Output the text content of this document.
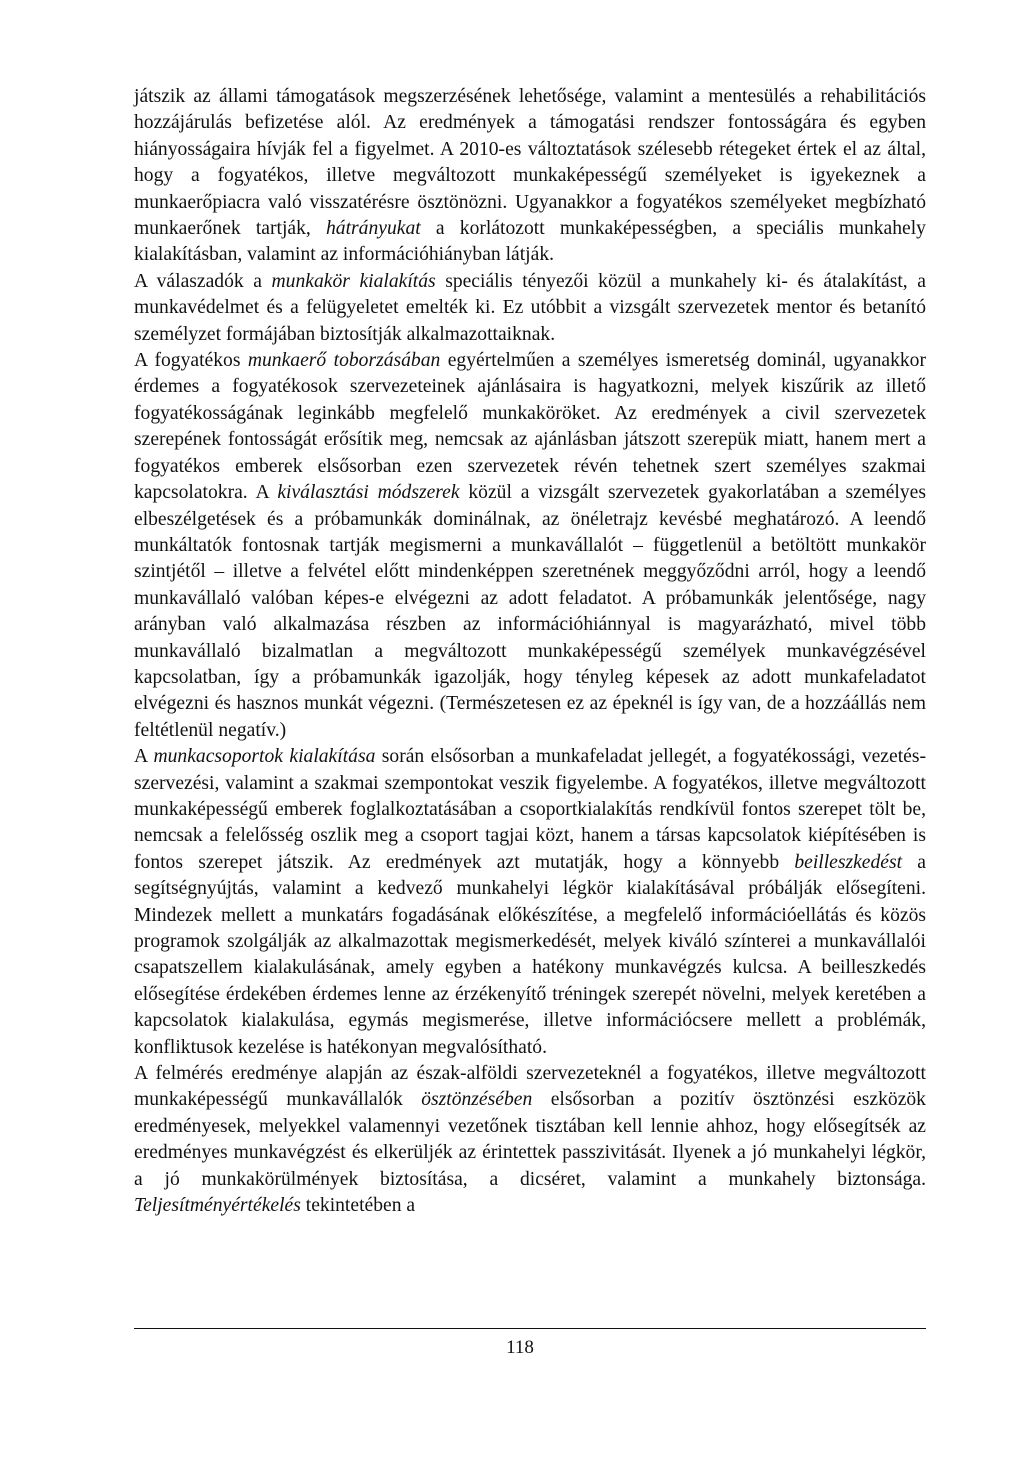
játszik az állami támogatások megszerzésének lehetősége, valamint a mentesülés a rehabilitációs hozzájárulás befizetése alól. Az eredmények a támogatási rendszer fontosságára és egyben hiányosságaira hívják fel a figyelmet. A 2010-es változtatások szélesebb rétegeket értek el az által, hogy a fogyatékos, illetve megváltozott munkaképességű személyeket is igyekeznek a munkaerőpiacra való visszatérésre ösztönözni. Ugyanakkor a fogyatékos személyeket megbízható munkaerőnek tartják, hátrányukat a korlátozott munkaképességben, a speciális munkahely kialakításban, valamint az információhiányban látják.

A válaszadók a munkakör kialakítás speciális tényezői közül a munkahely ki- és átalakítást, a munkavédelmet és a felügyeletet emelték ki. Ez utóbbit a vizsgált szervezetek mentor és betanító személyzet formájában biztosítják alkalmazottaiknak.

A fogyatékos munkaerő toborzásában egyértelműen a személyes ismeretség dominál, ugyanakkor érdemes a fogyatékosok szervezeteinek ajánlásaira is hagyatkozni, melyek kiszűrik az illető fogyatékosságának leginkább megfelelő munkaköröket. Az eredmények a civil szervezetek szerepének fontosságát erősítik meg, nemcsak az ajánlásban játszott szerepük miatt, hanem mert a fogyatékos emberek elsősorban ezen szervezetek révén tehetnek szert személyes szakmai kapcsolatokra. A kiválasztási módszerek közül a vizsgált szervezetek gyakorlatában a személyes elbeszélgetések és a próbamunkák dominálnak, az önéletrajz kevésbé meghatározó. A leendő munkáltatók fontosnak tartják megismerni a munkavállalót – függetlenül a betöltött munkakör szintjétől – illetve a felvétel előtt mindenképpen szeretnének meggyőződni arról, hogy a leendő munkavállaló valóban képes-e elvégezni az adott feladatot. A próbamunkák jelentősége, nagy arányban való alkalmazása részben az információhiánnyal is magyarázható, mivel több munkavállaló bizalmatlan a megváltozott munkaképességű személyek munkavégzésével kapcsolatban, így a próbamunkák igazolják, hogy tényleg képesek az adott munkafeladatot elvégezni és hasznos munkát végezni. (Természetesen ez az épeknél is így van, de a hozzáállás nem feltétlenül negatív.)

A munkacsoportok kialakítása során elsősorban a munkafeladat jellegét, a fogyatékossági, vezetés-szervezési, valamint a szakmai szempontokat veszik figyelembe. A fogyatékos, illetve megváltozott munkaképességű emberek foglalkoztatásában a csoportkialakítás rendkívül fontos szerepet tölt be, nemcsak a felelősség oszlik meg a csoport tagjai közt, hanem a társas kapcsolatok kiépítésében is fontos szerepet játszik. Az eredmények azt mutatják, hogy a könnyebb beilleszkedést a segítségnyújtás, valamint a kedvező munkahelyi légkör kialakításával próbálják elősegíteni. Mindezek mellett a munkatárs fogadásának előkészítése, a megfelelő információellátás és közös programok szolgálják az alkalmazottak megismerkedését, melyek kiváló színterei a munkavállalói csapatszellem kialakulásának, amely egyben a hatékony munkavégzés kulcsa. A beilleszkedés elősegítése érdekében érdemes lenne az érzékenyítő tréningek szerepét növelni, melyek keretében a kapcsolatok kialakulása, egymás megismerése, illetve információcsere mellett a problémák, konfliktusok kezelése is hatékonyan megvalósítható.

A felmérés eredménye alapján az észak-alföldi szervezeteknél a fogyatékos, illetve megváltozott munkaképességű munkavállalók ösztönzésében elsősorban a pozitív ösztönzési eszközök eredményesek, melyekkel valamennyi vezetőnek tisztában kell lennie ahhoz, hogy elősegítsék az eredményes munkavégzést és elkerüljék az érintettek passzivitását. Ilyenek a jó munkahelyi légkör, a jó munkakörülmények biztosítása, a dicséret, valamint a munkahely biztonsága. Teljesítményértékelés tekintetében a

118
